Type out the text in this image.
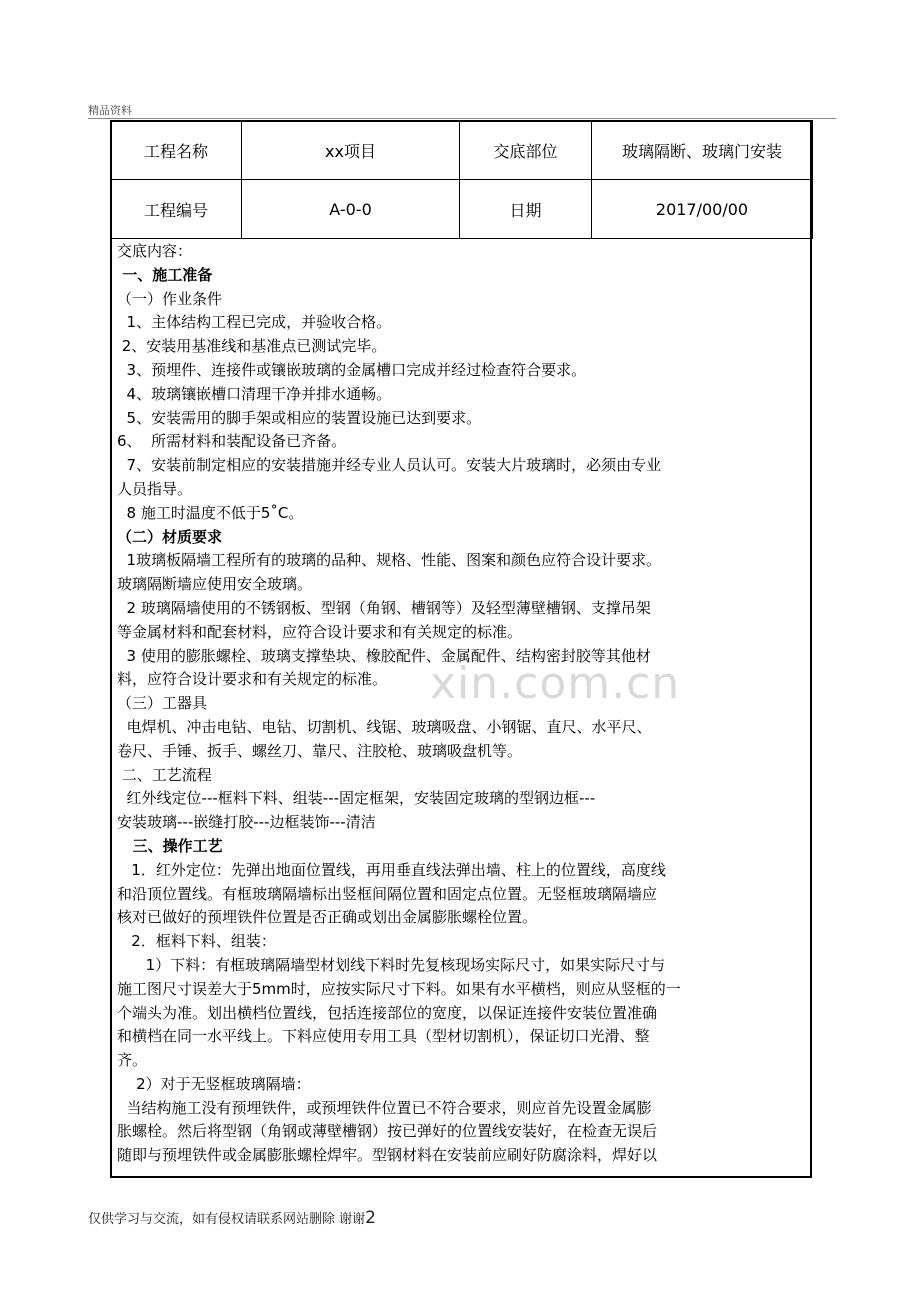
精品资料
工程名称	xx项目	交底部位	玻璃隔断、玻璃门安装
工程编号	A-0-0	日期	2017/00/00

交底内容：

一、施工准备

（一）作业条件

1、主体结构工程已完成，并验收合格。

2、安装用基准线和基准点已测试完毕。

3、预埋件、连接件或镶嵌玻璃的金属槽口完成并经过检查符合要求。

4、玻璃镶嵌槽口清理干净并排水通畅。

5、安装需用的脚手架或相应的装置设施已达到要求。

6、  所需材料和装配设备已齐备。

7、安装前制定相应的安装措施并经专业人员认可。安装大片玻璃时，必须由专业

人员指导。

8 施工时温度不低于5˚C。

（二）材质要求

1玻璃板隔墙工程所有的玻璃的品种、规格、性能、图案和颜色应符合设计要求。

玻璃隔断墙应使用安全玻璃。

2 玻璃隔墙使用的不锈钢板、型钢（角钢、槽钢等）及轻型薄壁槽钢、支撑吊架

等金属材料和配套材料，应符合设计要求和有关规定的标准。

3 使用的膨胀螺栓、玻璃支撑垫块、橡胶配件、金属配件、结构密封胶等其他材

料，应符合设计要求和有关规定的标准。

（三）工器具

电焊机、冲击电钻、电钻、切割机、线锯、玻璃吸盘、小钢锯、直尺、水平尺、

卷尺、手锤、扳手、螺丝刀、靠尺、注胶枪、玻璃吸盘机等。

二、工艺流程

红外线定位---框料下料、组装---固定框架，安装固定玻璃的型钢边框---

安装玻璃---嵌缝打胶---边框装饰---清洁

三、操作工艺

1．红外定位：先弹出地面位置线，再用垂直线法弹出墙、柱上的位置线，高度线

和沿顶位置线。有框玻璃隔墙标出竖框间隔位置和固定点位置。无竖框玻璃隔墙应

核对已做好的预埋铁件位置是否正确或划出金属膨胀螺栓位置。

2．框料下料、组装：

1）下料：有框玻璃隔墙型材划线下料时先复核现场实际尺寸，如果实际尺寸与

施工图尺寸误差大于5mm时，应按实际尺寸下料。如果有水平横档，则应从竖框的一

个端头为准。划出横档位置线，包括连接部位的宽度，以保证连接件安装位置准确

和横档在同一水平线上。下料应使用专用工具（型材切割机），保证切口光滑、整

齐。

2）对于无竖框玻璃隔墙：

当结构施工没有预埋铁件，或预埋铁件位置已不符合要求，则应首先设置金属膨

胀螺栓。然后将型钢（角钢或薄壁槽钢）按已弹好的位置线安装好，在检查无误后

随即与预埋铁件或金属膨胀螺栓焊牢。型钢材料在安装前应刷好防腐涂料，焊好以

xin.com.cn
仅供学习与交流，如有侵权请联系网站删除 谢谢2
